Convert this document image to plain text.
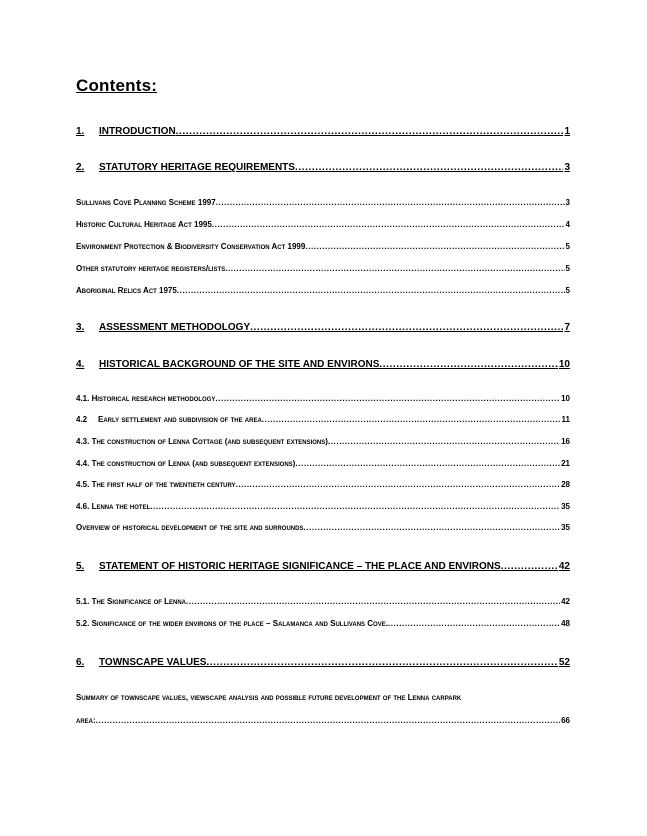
Contents:
1.	INTRODUCTION .....	1
2.	STATUTORY HERITAGE REQUIREMENTS .....	3
Sullivans Cove Planning Scheme 1997 .....	3
Historic Cultural Heritage Act 1995 .....	4
Environment Protection & Biodiversity Conservation Act 1999 .....	5
Other statutory heritage registers/lists .....	5
Aboriginal Relics Act 1975 .....	5
3.	ASSESSMENT METHODOLOGY .....	7
4.	HISTORICAL BACKGROUND OF THE SITE AND ENVIRONS .....	10
4.1. Historical research methodology .....	10
4.2	Early settlement and subdivision of the area .....	11
4.3. The construction of Lenna Cottage (and subsequent extensions) .....	16
4.4. The construction of Lenna (and subsequent extensions) .....	21
4.5. The first half of the twentieth century .....	28
4.6. Lenna the hotel .....	35
Overview of historical development of the site and surrounds .....	35
5.	STATEMENT OF HISTORIC HERITAGE SIGNIFICANCE – THE PLACE AND ENVIRONS .....	42
5.1. The Significance of Lenna .....	42
5.2. Significance of the wider environs of the place – Salamanca and Sullivans Cove. .....	48
6.	TOWNSCAPE VALUES .....	52
Summary of townscape values, viewscape analysis and possible future development of the Lenna carpark
area: .....	66
